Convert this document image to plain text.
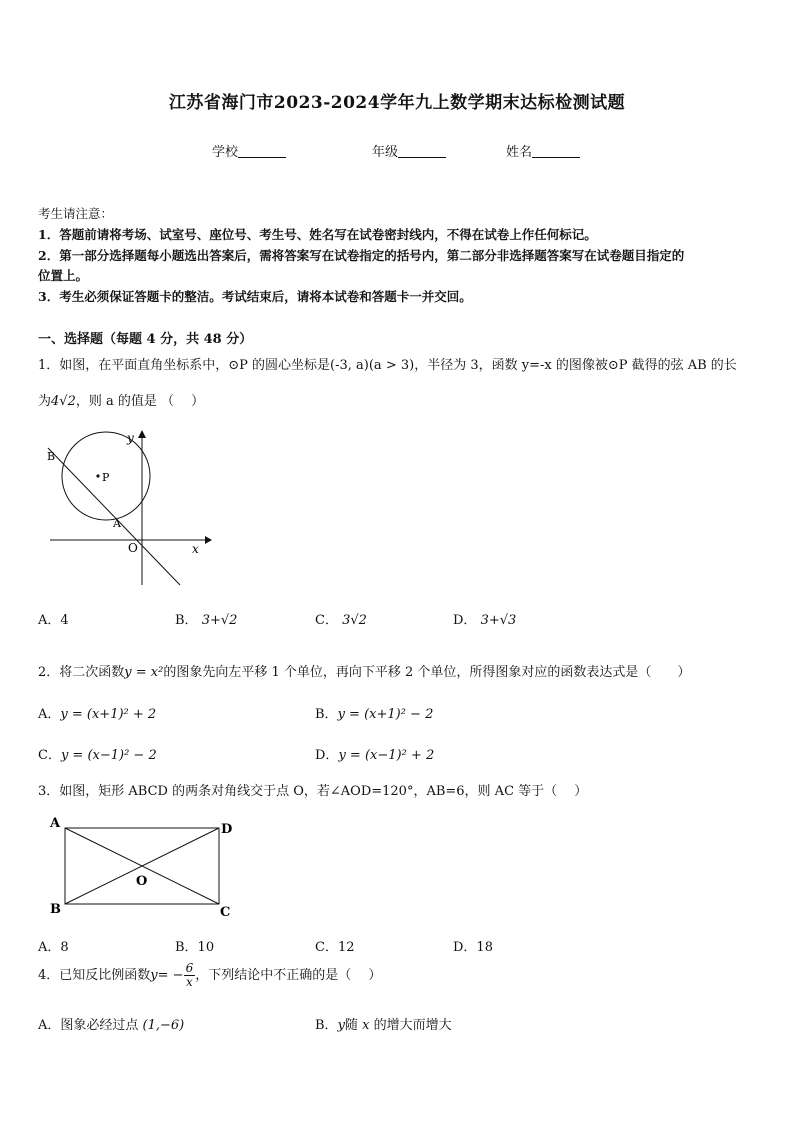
江苏省海门市2023-2024学年九上数学期末达标检测试题
学校	年级	姓名
考生请注意：
1．答题前请将考场、试室号、座位号、考生号、姓名写在试卷密封线内，不得在试卷上作任何标记。
2．第一部分选择题每小题选出答案后，需将答案写在试卷指定的括号内，第二部分非选择题答案写在试卷题目指定的
位置上。
3．考生必须保证答题卡的整洁。考试结束后，请将本试卷和答题卡一并交回。
一、选择题（每题 4 分，共 48 分）
1．如图，在平面直角坐标系中，⊙P 的圆心坐标是(-3, a)(a > 3)，半径为 3，函数 y=-x 的图像被⊙P 截得的弦 AB 的长
为4√2，则 a 的值是 （　 ）
P
B
A
O	x
y
A．4	B． 3+√2	C． 3√2	D． 3+√3
2．将二次函数y = x²的图象先向左平移 1 个单位，再向下平移 2 个单位，所得图象对应的函数表达式是（　　）
A．y = (x+1)² + 2	B．y = (x+1)² − 2
C．y = (x−1)² − 2	D．y = (x−1)² + 2
3．如图，矩形 ABCD 的两条对角线交于点 O，若∠AOD=120°，AB=6，则 AC 等于（　 ）
A
B	C
D
O
A．8	B．10	C．12	D．18
4．已知反比例函数$y= - \frac{6}{x}$ ，下列结论中不正确的是（　 ）
A．图象必经过点 (1,−6)	B．y随 x 的增大而增大
